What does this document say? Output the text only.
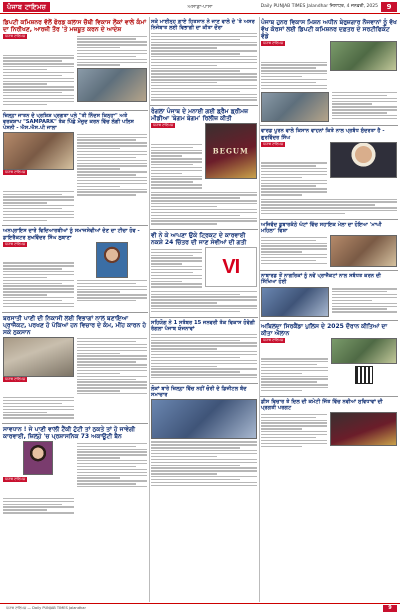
ਪੰਜਾਬ ਟਾਇਮਜ਼	ਅਸਾਡਾ-ਪਾਸਾ	Daily PUNJAB TIMES Jalandhar ਜਿਲਾਧਰ, 4 ਜਨਵਰੀ, 2025	9
ਡਿਪਟੀ ਕਮਿਸ਼ਨਰ ਵੱਲੋਂ ਫੋਰਡ ਕਲਾਸ ਚੌਥੀ ਵਿਕਾਸ ਲੋਕਾਂ ਵਾਲੇ ਕੰਮਾਂ ਦਾ ਨਿਰੀਖਣ, ਆਰਜ਼ੀ ਤੌਰ 'ਤੇ ਮਜ਼ਬੂਤ ਕਰਨ ਦੇ ਆਦੇਸ਼
ਪੰਜਾਬ ਟਾਇਮਜ਼
ਜ਼ਿਲ੍ਹਾ ਜਾਤਨ ਦੇ ਪ੍ਰਸ਼ਿਸ਼ ਪ੍ਰਗਤਾ ਪਲੇ "ਤੀ ਨਿੰਦਸ ਕਿਨ੍ਹਾ" ਅਤੇ ਵਰਕਸ਼ਾਪ "SAMPARK" ਤੱਕ ਪਿੱਛੇ ਮੌਜੂਦ ਕਰਨ ਵਿੱਚ ਲੱਗੀ ਪਲਿਸ ਪੇਸਨੀ - ਐਸ.ਐਸ.ਪੀ ਜਾਲਾ
ਪੰਜਾਬ ਟਾਇਮਜ਼
ਅਨਪ੍ਰਾਇਸ ਦਾਰੇ ਵਿਦਿਆਰਥੀਆਂ ਨੂੰ ਸਮਾਜਸੇਵੀਆਂ ਦੇਣ ਦਾ ਟੀਚਾ ਹੋਵ - ਡਾਇਰੈਕਟਰ ਸੁਖਵਿੰਦਰ ਸਿੰਘ ਲੁਬਾਣਾ
ਪੰਜਾਬ ਟਾਇਮਜ਼
ਬਰਸਾਤੀ ਪਾਣੀ ਦੀ ਨਿਕਾਸੀ ਲਈ ਵਿਭਾਗਾਂ ਨਾਲ ਬਣਾਇਆ ਪ੍ਰਾਜੈਕਟ, ਪਰਖਣ ਹੋ ਪੱਕਿਆਂ ਹਨ ਵਿਚਾਰ ਦੇ ਕੰਮ, ਮੀਂਹ ਕਾਰਨ ਹੋ ਸਕੇ ਨੁਕਸਾਨ
ਪੰਜਾਬ ਟਾਇਮਜ਼
ਸਾਵਧਾਨ ! ਜੇ ਪਾਣੀ ਵਾਲੀ ਟੈਂਕੀ ਟੁੱਟੀ ਤਾਂ ਨੁਕਤੇ ਤਾਂ ਹੋ ਜਾਵੇਗੀ ਕਾਰਵਾਈ, ਜ਼ਿਲ੍ਹੇ 'ਚ ਪ੍ਰਸ਼ਾਸਨਿਕ 73 ਅਕਾਊਟੀ ਬੈਨ
ਪੰਜਾਬ ਟਾਇਮਜ਼
ਸਕੇ ਮਾਈਨ੍ਹ ਗ਼ਾਏ ਹਿਤਸਾਨ ਨੇ ਜਾਣ ਵਾਲੇ ਦੇ 'ਤੇ ਅਸਰ ਨਿਜੇਬਾਤ ਲਈ ਵਿਭਾਗੀ ਦਾ ਕੀਤਾ ਦੌਰਾ
ਰੰਗਲਾ ਪੰਜਾਬ ਦੇ ਮਨਾਈ ਗਈ ਡ੍ਰੈਮ ਡ੍ਰੀਮਜ਼ ਮੀਡੀਆ 'ਬੇਗਮ ਬੇਗਮ' ਰਿਲੀਜ਼ ਕੀਤੀ
ਪੰਜਾਬ ਟਾਇਮਜ਼
BEGUM
ਵੀ ਨੇ ਕੇ ਆਪਣਾ ਉਕੇ ਟ੍ਰਿਕਟ ਦੇ ਕਾਰਵਾਈ ਨਕਸ਼ੇ 24 ਚਿੱਤਰ ਦੀ ਜਾਣ ਸੇਵੀਆਂ ਦੀ ਗਤੀ
VI
ਸਹਿਯੋਗ ਨੇ 1 ਸਤੰਬਰ 15 ਜਨਵਰੀ ਤੱਕ ਵਿਕਾਸ ਹੋਵੇਗੀ ਰੰਗਲਾ ਪੰਜਾਬ ਯੋਜਨਾਵਾਂ
ਲੋਕਾਂ ਬਾਰੇ ਜ਼ਿਲ੍ਹਾ ਵਿੱਚ ਨਹੀਂ ਚੋਰੀ ਦੇ ਡਿਜੀਟਲ ਬੰਦ ਸਮਾਚਾਰ
ਪੰਜਾਬ ਹੁਨਰ ਵਿਕਾਸ ਮਿਸ਼ਨ ਅਧੀਨ ਬੇਰੁਜ਼ਗਾਰ ਨੌਜਵਾਨਾਂ ਨੂੰ ਵੱਖ ਵੱਖ ਕੋਰਸਾਂ ਲਈ ਡਿਪਟੀ ਕਮਿਸ਼ਨਰ ਦਫ਼ਤਰ ਦੇ ਸਰਟੀਫਿਕੇਟ ਵੰਡੇ
ਪੰਜਾਬ ਟਾਇਮਜ਼
ਵਾਰਡ ਪੂਰਨ ਵਾਲੇ ਕਿਸਾਨ ਵਾਹਨਾਂ ਕਿਤੇ ਨਾਲ ਪ੍ਰਬੰਧ ਸੁੰਦਰਤਾ ਹੈ - ਗੁਰਵਿੰਦਰ ਸਿੰਘ
ਪੰਜਾਬ ਟਾਇਮਜ਼
ਅਜਿਵੰਦ ਡੂਬਾਰਕੱਠੇ ਘੱਟਾਂ ਵਿੱਚ ਸਹਾਇਕ ਮੇਲਾ ਦਾ ਹੋਇਆ 'ਮਾਘੀ ਮਹਿਲਾ' ਵਿਸ਼ਾ
ਨਾਬਾਰਡ ਤੋਂ ਨਾਗਰਿਕਾਂ ਨੂੰ ਨਵੇਂ ਪ੍ਰਾਜੈਕਟਾਂ ਨਾਲ ਸਬੰਧਤ ਕਰਨ ਦੀ ਸਿੱਖਿਆ ਹੋਈ
ਅਬਿਲਦਾ ਸਿਰਕੈਂਡਾ ਪੁਲਿਸ ਦੇ 2025 ਦੌਰਾਨ ਕੀਤਿਆਂ ਦਾ ਕੀਤਾ ਐਲਾਨ
ਪੰਜਾਬ ਟਾਇਮਜ਼
ਡੀਸ ਵਿਚਾਰ ਤੇ ਦਿਲ ਦੀ ਕਮੇਟੀ ਜਿੱਤ ਵਿੱਚ ਨਵੀਆਂ ਸੁਵਿਧਾਵਾਂ ਦੀ ਪ੍ਰਗਤੀ ਪਰਗਟ
ਪੰਜਾਬ ਟਾਇਮਜ਼ — Daily PUNJAB TIMES Jalandhar	9
